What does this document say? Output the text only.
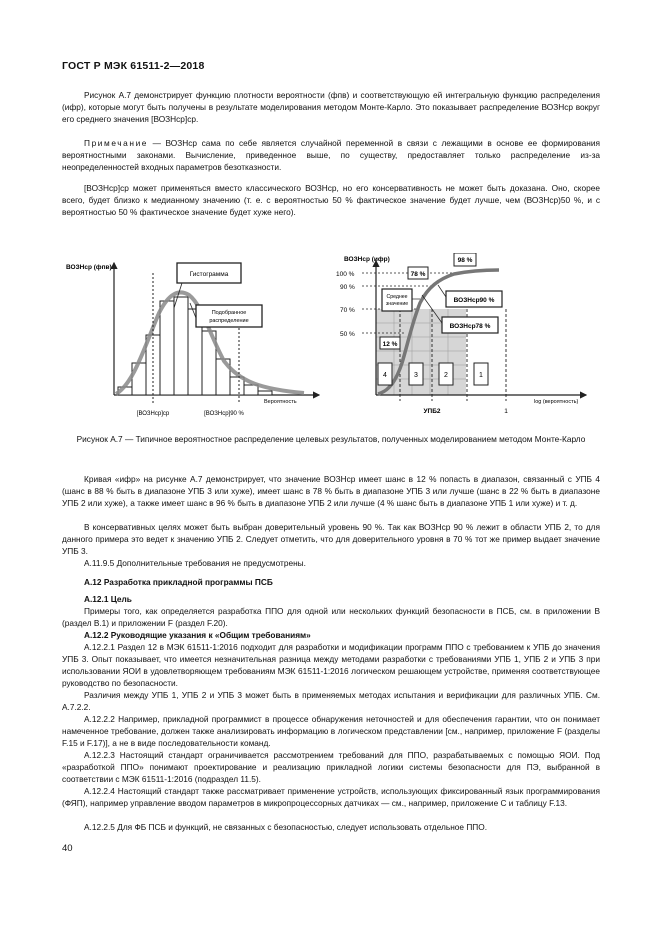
ГОСТ Р МЭК 61511-2—2018
Рисунок А.7 демонстрирует функцию плотности вероятности (фпв) и соответствующую ей интегральную функцию распределения (ифр), которые могут быть получены в результате моделирования методом Монте-Карло. Это показывает распределение ВОЗНср вокруг его среднего значения [ВОЗНср]ср.
Примечание — ВОЗНср сама по себе является случайной переменной в связи с лежащими в основе ее формирования вероятностными законами. Вычисление, приведенное выше, по существу, предоставляет только распределение из-за неопределенностей входных параметров безотказности.
[ВОЗНср]ср может применяться вместо классического ВОЗНср, но его консервативность не может быть доказана. Оно, скорее всего, будет близко к медианному значению (т. е. с вероятностью 50 % фактическое значение будет лучше, чем (ВОЗНср)50 %, и с вероятностью 50 % фактическое значение будет хуже него).
Гистограмма
Подобранное распределение
ВОЗНср (фпв)
Вероятность
[ВОЗНср]ср	[ВОЗНср]90 %
100 %
90 %
70 %
50 %
4	3	2	1
98 %
78 %
12 %
Среднее значение	ВОЗНср90 %
ВОЗНср78 %
УПБ2	1
log (вероятность)
ВОЗНср (ифр)
Рисунок А.7 — Типичное вероятностное распределение целевых результатов, полученных моделированием методом Монте-Карло
Кривая «ифр» на рисунке А.7 демонстрирует, что значение ВОЗНср имеет шанс в 12 % попасть в диапазон, связанный с УПБ 4 (шанс в 88 % быть в диапазоне УПБ 3 или хуже), имеет шанс в 78 % быть в диапазоне УПБ 3 или лучше (шанс в 22 % быть в диапазоне УПБ 2 или хуже), а также имеет шанс в 96 % быть в диапазоне УПБ 2 или лучше (4 % шанс быть в диапазоне УПБ 1 или хуже) и т. д.
В консервативных целях может быть выбран доверительный уровень 90 %. Так как ВОЗНср 90 % лежит в области УПБ 2, то для данного примера это ведет к значению УПБ 2. Следует отметить, что для доверительного уровня в 70 % тот же пример выдает значение УПБ 3.
А.11.9.5 Дополнительные требования не предусмотрены.
А.12 Разработка прикладной программы ПСБ
А.12.1 Цель
Примеры того, как определяется разработка ППО для одной или нескольких функций безопасности в ПСБ, см. в приложении В (раздел В.1) и приложении F (раздел F.20).
А.12.2 Руководящие указания к «Общим требованиям»
А.12.2.1 Раздел 12 в МЭК 61511-1:2016 подходит для разработки и модификации программ ППО с требованием к УПБ до значения УПБ 3. Опыт показывает, что имеется незначительная разница между методами разработки с требованиями УПБ 1, УПБ 2 и УПБ 3 при использовании ЯОИ в удовлетворяющем требованиям МЭК 61511-1:2016 логическом решающем устройстве, применяя соответствующее руководство по безопасности.
Различия между УПБ 1, УПБ 2 и УПБ 3 может быть в применяемых методах испытания и верификации для различных УПБ. См. А.7.2.2.
А.12.2.2 Например, прикладной программист в процессе обнаружения неточностей и для обеспечения гарантии, что он понимает намеченное требование, должен также анализировать информацию в логическом представлении [см., например, приложение F (разделы F.15 и F.17)], а не в виде последовательности команд.
А.12.2.3 Настоящий стандарт ограничивается рассмотрением требований для ППО, разрабатываемых с помощью ЯОИ. Под «разработкой ППО» понимают проектирование и реализацию прикладной логики системы безопасности для ПЭ, выбранной в соответствии с МЭК 61511-1:2016 (подраздел 11.5).
А.12.2.4 Настоящий стандарт также рассматривает применение устройств, использующих фиксированный язык программирования (ФЯП), например управление вводом параметров в микропроцессорных датчиках — см., например, приложение С и таблицу F.13.
А.12.2.5 Для ФБ ПСБ и функций, не связанных с безопасностью, следует использовать отдельное ППО.
40
